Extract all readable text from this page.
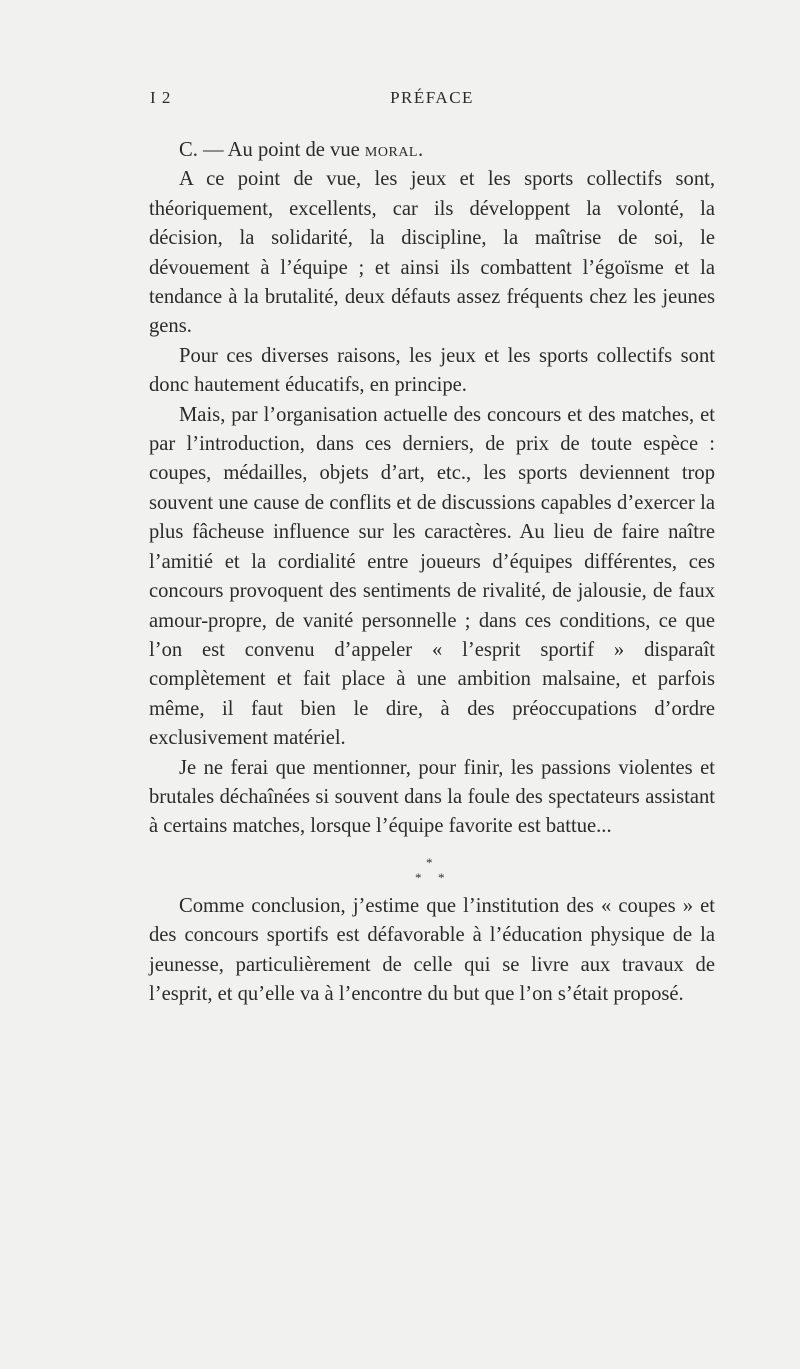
I 2	PRÉFACE

C. — Au point de vue moral.

A ce point de vue, les jeux et les sports collectifs sont, théoriquement, excellents, car ils développent la volonté, la décision, la solidarité, la discipline, la maîtrise de soi, le dévouement à l’équipe ; et ainsi ils combattent l’égoïsme et la tendance à la brutalité, deux défauts assez fréquents chez les jeunes gens.

Pour ces diverses raisons, les jeux et les sports collectifs sont donc hautement éducatifs, en principe.

Mais, par l’organisation actuelle des concours et des matches, et par l’introduction, dans ces derniers, de prix de toute espèce : coupes, médailles, objets d’art, etc., les sports deviennent trop souvent une cause de conflits et de discussions capables d’exercer la plus fâcheuse influence sur les caractères. Au lieu de faire naître l’amitié et la cordialité entre joueurs d’équipes différentes, ces concours provoquent des sentiments de rivalité, de jalousie, de faux amour-propre, de vanité personnelle ; dans ces conditions, ce que l’on est convenu d’appeler « l’esprit sportif » disparaît complètement et fait place à une ambition malsaine, et parfois même, il faut bien le dire, à des préoccupations d’ordre exclusivement matériel.

Je ne ferai que mentionner, pour finir, les passions violentes et brutales déchaînées si souvent dans la foule des spectateurs assistant à certains matches, lorsque l’équipe favorite est battue...

*
* *

Comme conclusion, j’estime que l’institution des « coupes » et des concours sportifs est défavorable à l’éducation physique de la jeunesse, particulièrement de celle qui se livre aux travaux de l’esprit, et qu’elle va à l’encontre du but que l’on s’était proposé.
